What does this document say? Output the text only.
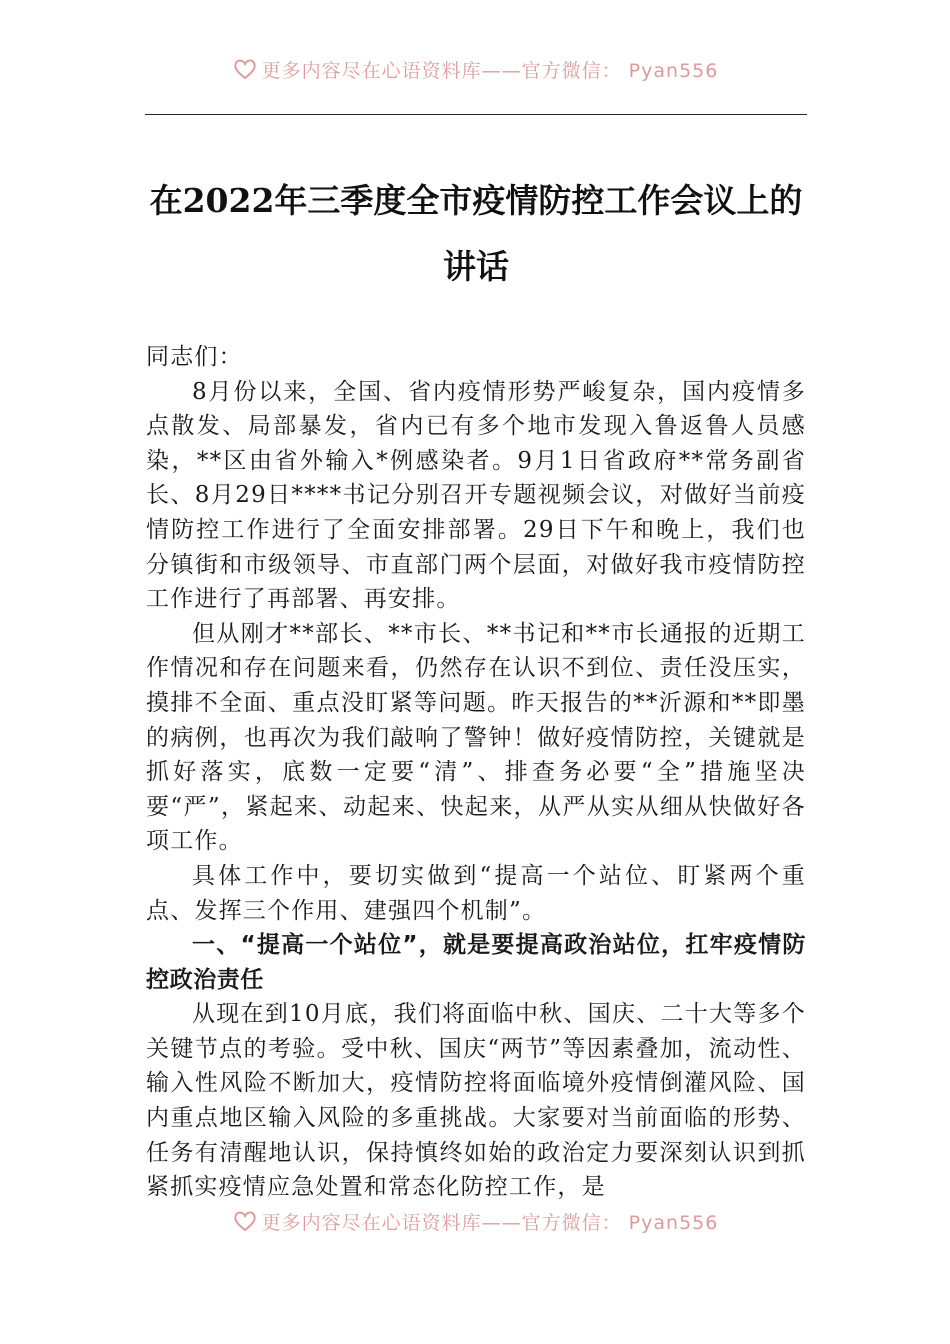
更多内容尽在心语资料库——官方微信： Pyan556
在2022年三季度全市疫情防控工作会议上的讲话

同志们：

8月份以来，全国、省内疫情形势严峻复杂，国内疫情多点散发、局部暴发，省内已有多个地市发现入鲁返鲁人员感染，**区由省外输入*例感染者。9月1日省政府**常务副省长、8月29日****书记分别召开专题视频会议，对做好当前疫情防控工作进行了全面安排部署。29日下午和晚上，我们也分镇街和市级领导、市直部门两个层面，对做好我市疫情防控工作进行了再部署、再安排。

但从刚才**部长、**市长、**书记和**市长通报的近期工作情况和存在问题来看，仍然存在认识不到位、责任没压实，摸排不全面、重点没盯紧等问题。昨天报告的**沂源和**即墨的病例，也再次为我们敲响了警钟！做好疫情防控，关键就是抓好落实，底数一定要“清”、排查务必要“全”措施坚决要“严”，紧起来、动起来、快起来，从严从实从细从快做好各项工作。

具体工作中，要切实做到“提高一个站位、盯紧两个重点、发挥三个作用、建强四个机制”。

一、“提高一个站位”，就是要提高政治站位，扛牢疫情防控政治责任

从现在到10月底，我们将面临中秋、国庆、二十大等多个关键节点的考验。受中秋、国庆“两节”等因素叠加，流动性、输入性风险不断加大，疫情防控将面临境外疫情倒灌风险、国内重点地区输入风险的多重挑战。大家要对当前面临的形势、任务有清醒地认识，保持慎终如始的政治定力要深刻认识到抓紧抓实疫情应急处置和常态化防控工作，是

更多内容尽在心语资料库——官方微信： Pyan556
